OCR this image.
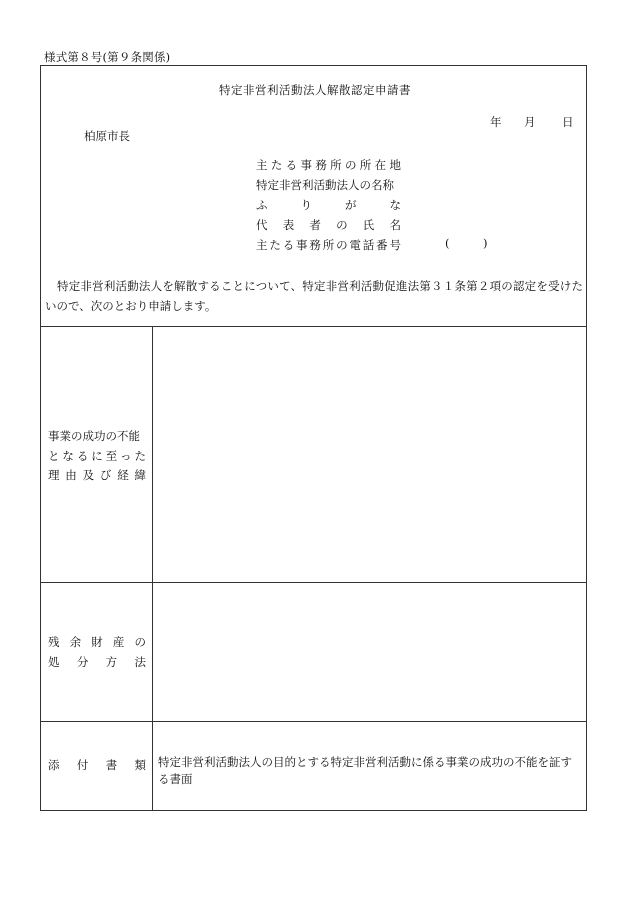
様式第８号(第９条関係)
特定非営利活動法人解散認定申請書
年 月 日
柏原市長
主 た る 事 務 所 の 所 在 地
特定非営利活動法人の名称
ふ	り	が	な
代 表 者 の 氏 名
主 た る 事 務 所 の 電 話 番 号	(	)
特定非営利活動法人を解散することについて、特定非営利活動促進法第３１条第２項の認定を受けたいので、次のとおり申請します。
事業の成功の不能
と な る に 至 っ た
理 由 及 び 経 緯
残 余 財 産 の
処 分 方 法
添 付 書 類 特定非営利活動法人の目的とする特定非営利活動に係る事業の成功の不能を証する書面
